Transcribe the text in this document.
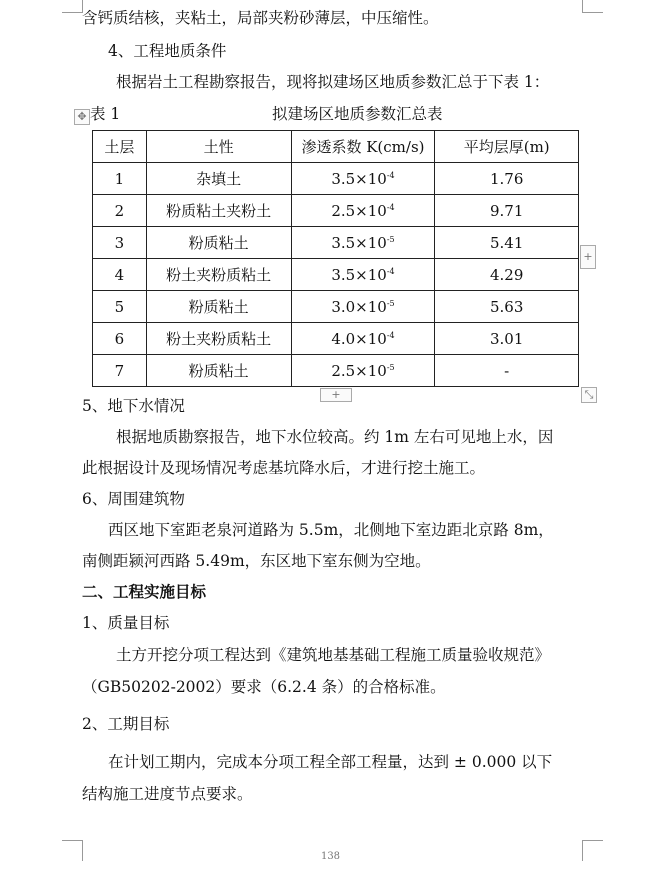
含钙质结核，夹粘土，局部夹粉砂薄层，中压缩性。
4、工程地质条件
根据岩土工程勘察报告，现将拟建场区地质参数汇总于下表 1：
✥ 表 1	拟建场区地质参数汇总表
土层	土性	渗透系数 K(cm/s)	平均层厚(m)
1	杂填土	$3.5\times 10^{-4}$	1.76
2	粉质粘土夹粉土	$2.5\times 10^{-4}$	9.71
3	粉质粘土	$3.5\times 10^{-5}$	5.41
4	粉土夹粉质粘土	$3.5\times 10^{-4}$	4.29
5	粉质粘土	$3.0\times 10^{-5}$	5.63
6	粉土夹粉质粘土	$4.0\times 10^{-4}$	3.01
7	粉质粘土	$2.5\times 10^{-5}$	-
+
+	⤡
5、地下水情况
根据地质勘察报告，地下水位较高。约 1m 左右可见地上水，因
此根据设计及现场情况考虑基坑降水后，才进行挖土施工。
6、周围建筑物
西区地下室距老泉河道路为 5.5m，北侧地下室边距北京路 8m，
南侧距颍河西路 5.49m，东区地下室东侧为空地。
二、工程实施目标
1、质量目标
土方开挖分项工程达到《建筑地基基础工程施工质量验收规范》
（GB50202-2002）要求（6.2.4 条）的合格标准。
2、工期目标
在计划工期内，完成本分项工程全部工程量，达到 ± 0.000 以下
结构施工进度节点要求。
138
